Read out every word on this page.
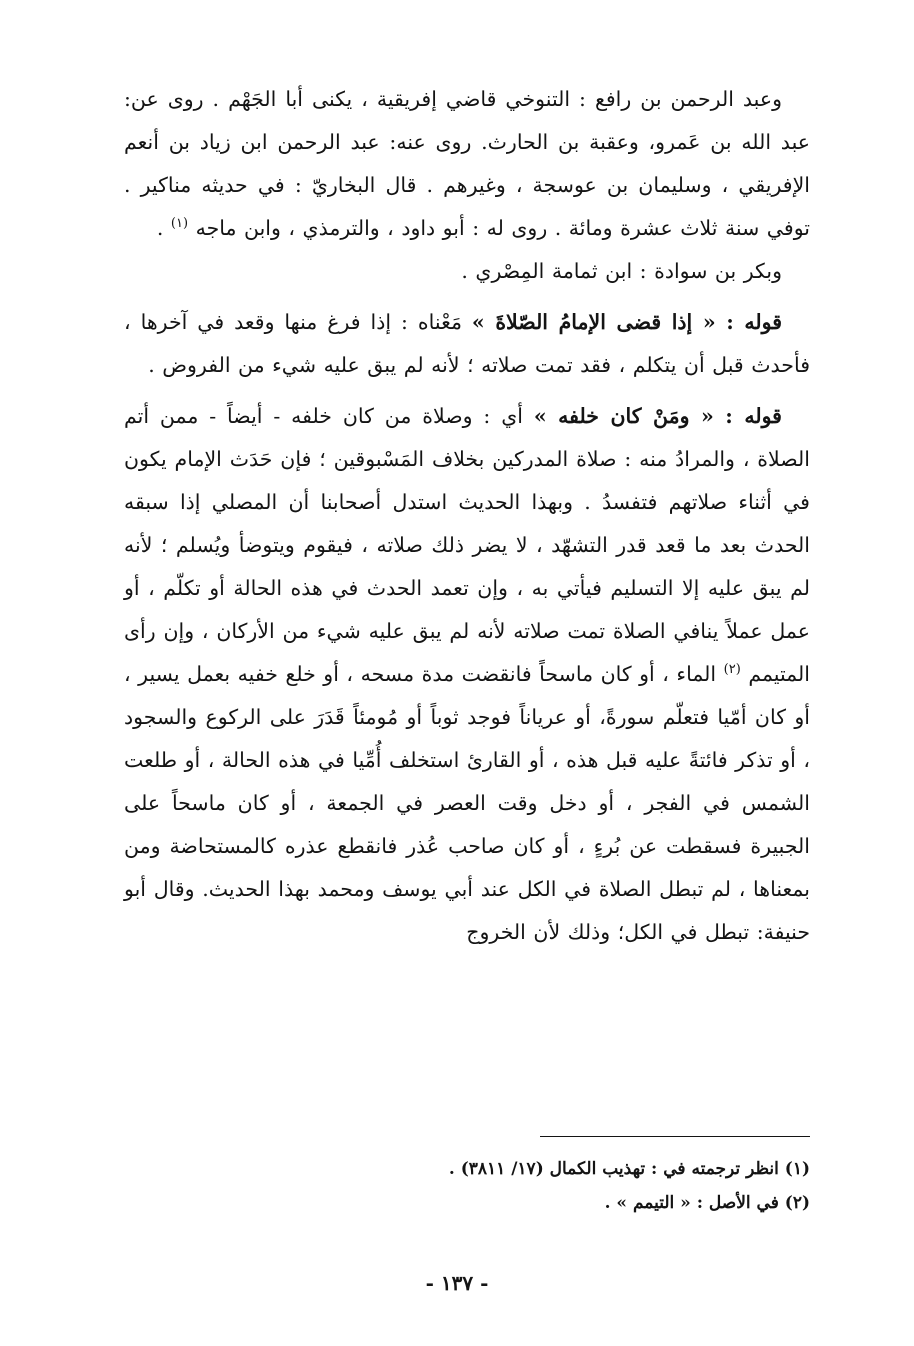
وعبد الرحمن بن رافع : التنوخي قاضي إفريقية ، يكنى أبا الجَهْم . روى عن: عبد الله بن عَمرو، وعقبة بن الحارث. روى عنه: عبد الرحمن ابن زياد بن أنعم الإفريقي ، وسليمان بن عوسجة ، وغيرهم . قال البخاريّ : في حديثه مناكير . توفي سنة ثلاث عشرة ومائة . روى له : أبو داود ، والترمذي ، وابن ماجه $^{(١)}$ .

وبكر بن سوادة : ابن ثمامة المِصْري .

قوله : « إذا قضى الإمامُ الصّلاةَ » مَعْناه : إذا فرغ منها وقعد في آخرها ، فأحدث قبل أن يتكلم ، فقد تمت صلاته ؛ لأنه لم يبق عليه شيء من الفروض .

قوله : « ومَنْ كان خلفه » أي : وصلاة من كان خلفه - أيضاً - ممن أتم الصلاة ، والمرادُ منه : صلاة المدركين بخلاف المَسْبوقين ؛ فإن حَدَث الإمام يكون في أثناء صلاتهم فتفسدُ . وبهذا الحديث استدل أصحابنا أن المصلي إذا سبقه الحدث بعد ما قعد قدر التشهّد ، لا يضر ذلك صلاته ، فيقوم ويتوضأ ويُسلم ؛ لأنه لم يبق عليه إلا التسليم فيأتي به ، وإن تعمد الحدث في هذه الحالة أو تكلّم ، أو عمل عملاً ينافي الصلاة تمت صلاته لأنه لم يبق عليه شيء من الأركان ، وإن رأى المتيمم $^{(٢)}$ الماء ، أو كان ماسحاً فانقضت مدة مسحه ، أو خلع خفيه بعمل يسير ، أو كان أمّيا فتعلّم سورةً، أو عرياناً فوجد ثوباً أو مُومئاً قَدَرَ على الركوع والسجود ، أو تذكر فائتةً عليه قبل هذه ، أو القارئ استخلف أُمِّيا في هذه الحالة ، أو طلعت الشمس في الفجر ، أو دخل وقت العصر في الجمعة ، أو كان ماسحاً على الجبيرة فسقطت عن بُرءٍ ، أو كان صاحب عُذر فانقطع عذره كالمستحاضة ومن بمعناها ، لم تبطل الصلاة في الكل عند أبي يوسف ومحمد بهذا الحديث. وقال أبو حنيفة: تبطل في الكل؛ وذلك لأن الخروج

(١) انظر ترجمته في : تهذيب الكمال (١٧/ ٣٨١١) .

(٢) في الأصل : « التيمم » .

- ١٣٧ -
